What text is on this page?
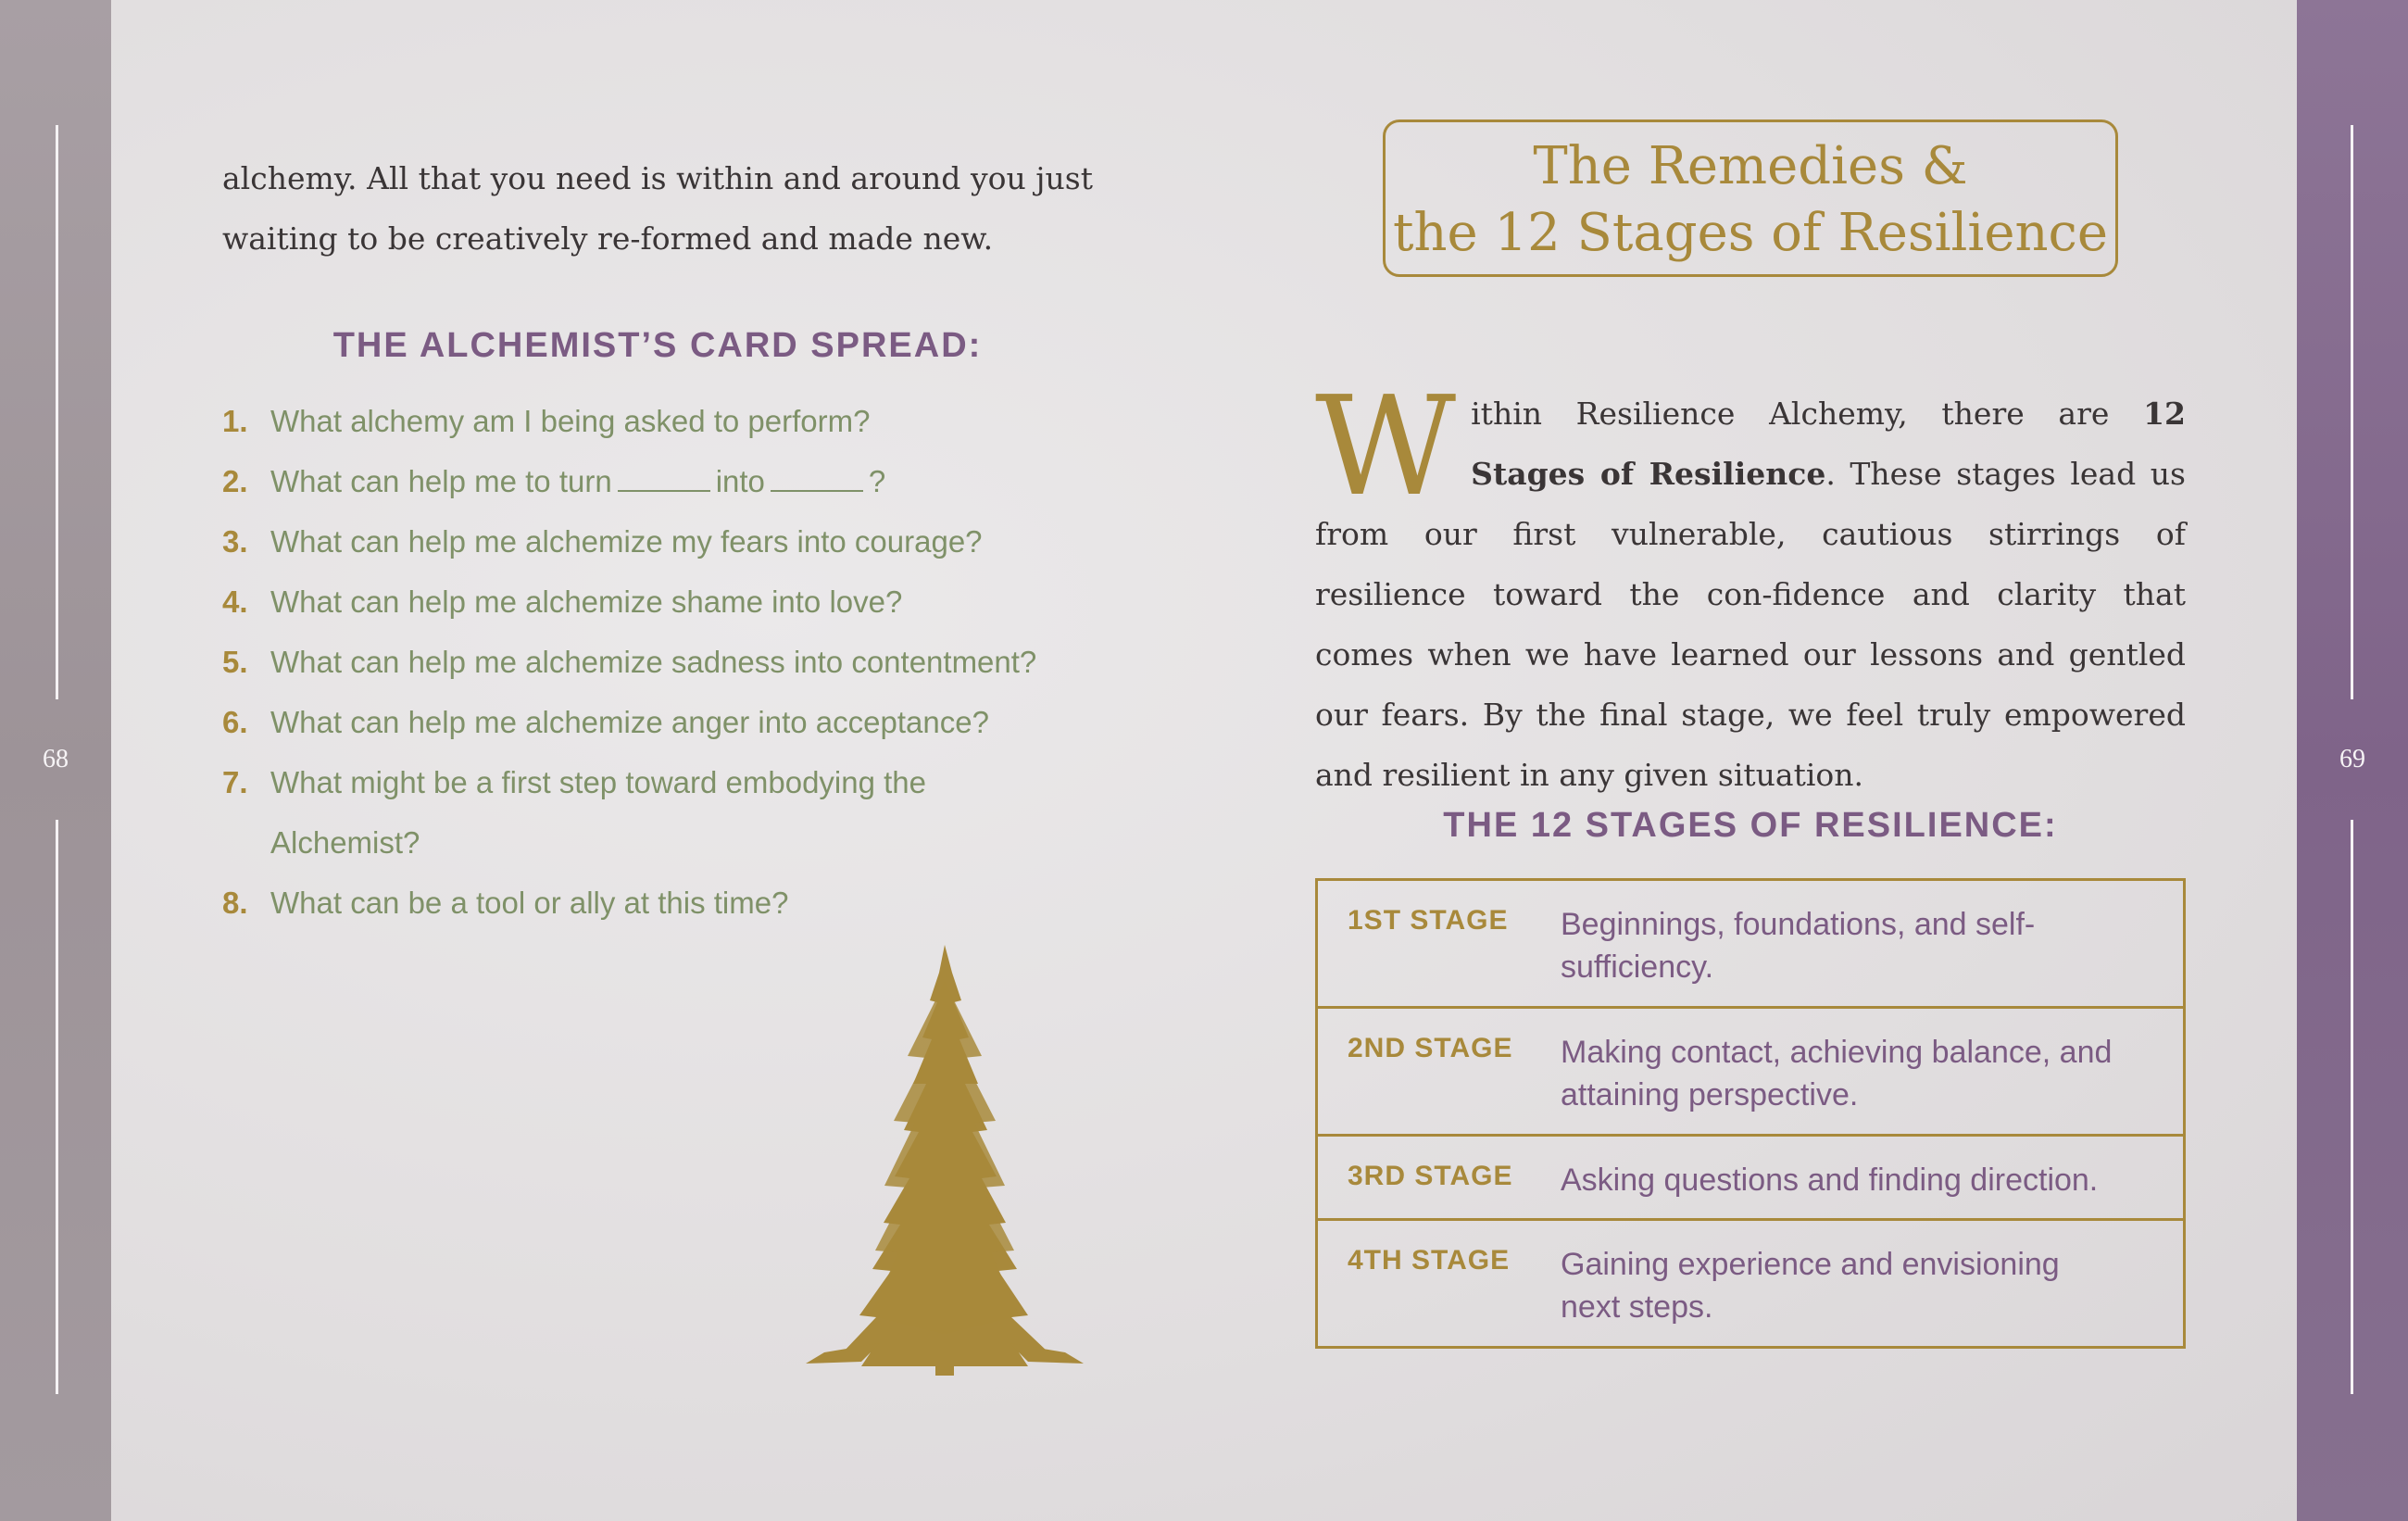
68	69
alchemy. All that you need is within and around you just waiting to be creatively re-formed and made new.
THE ALCHEMIST’S CARD SPREAD:
1. What alchemy am I being asked to perform?
2. What can help me to turn	into	?
3. What can help me alchemize my fears into courage?
4. What can help me alchemize shame into love?
5. What can help me alchemize sadness into contentment?
6. What can help me alchemize anger into acceptance?
7. What might be a first step toward embodying the Alchemist?
8. What can be a tool or ally at this time?
The Remedies &
the 12 Stages of Resilience
Within Resilience Alchemy, there are 12 Stages of Resilience. These stages lead us from our first vulnerable, cautious stirrings of resilience toward the con-fidence and clarity that comes when we have learned our lessons and gentled our fears. By the final stage, we feel truly empowered and resilient in any given situation.
THE 12 STAGES OF RESILIENCE:
1ST STAGE	Beginnings, foundations, and self-sufficiency.
2ND STAGE	Making contact, achieving balance, and attaining perspective.
3RD STAGE	Asking questions and finding direction.
4TH STAGE	Gaining experience and envisioning next steps.
